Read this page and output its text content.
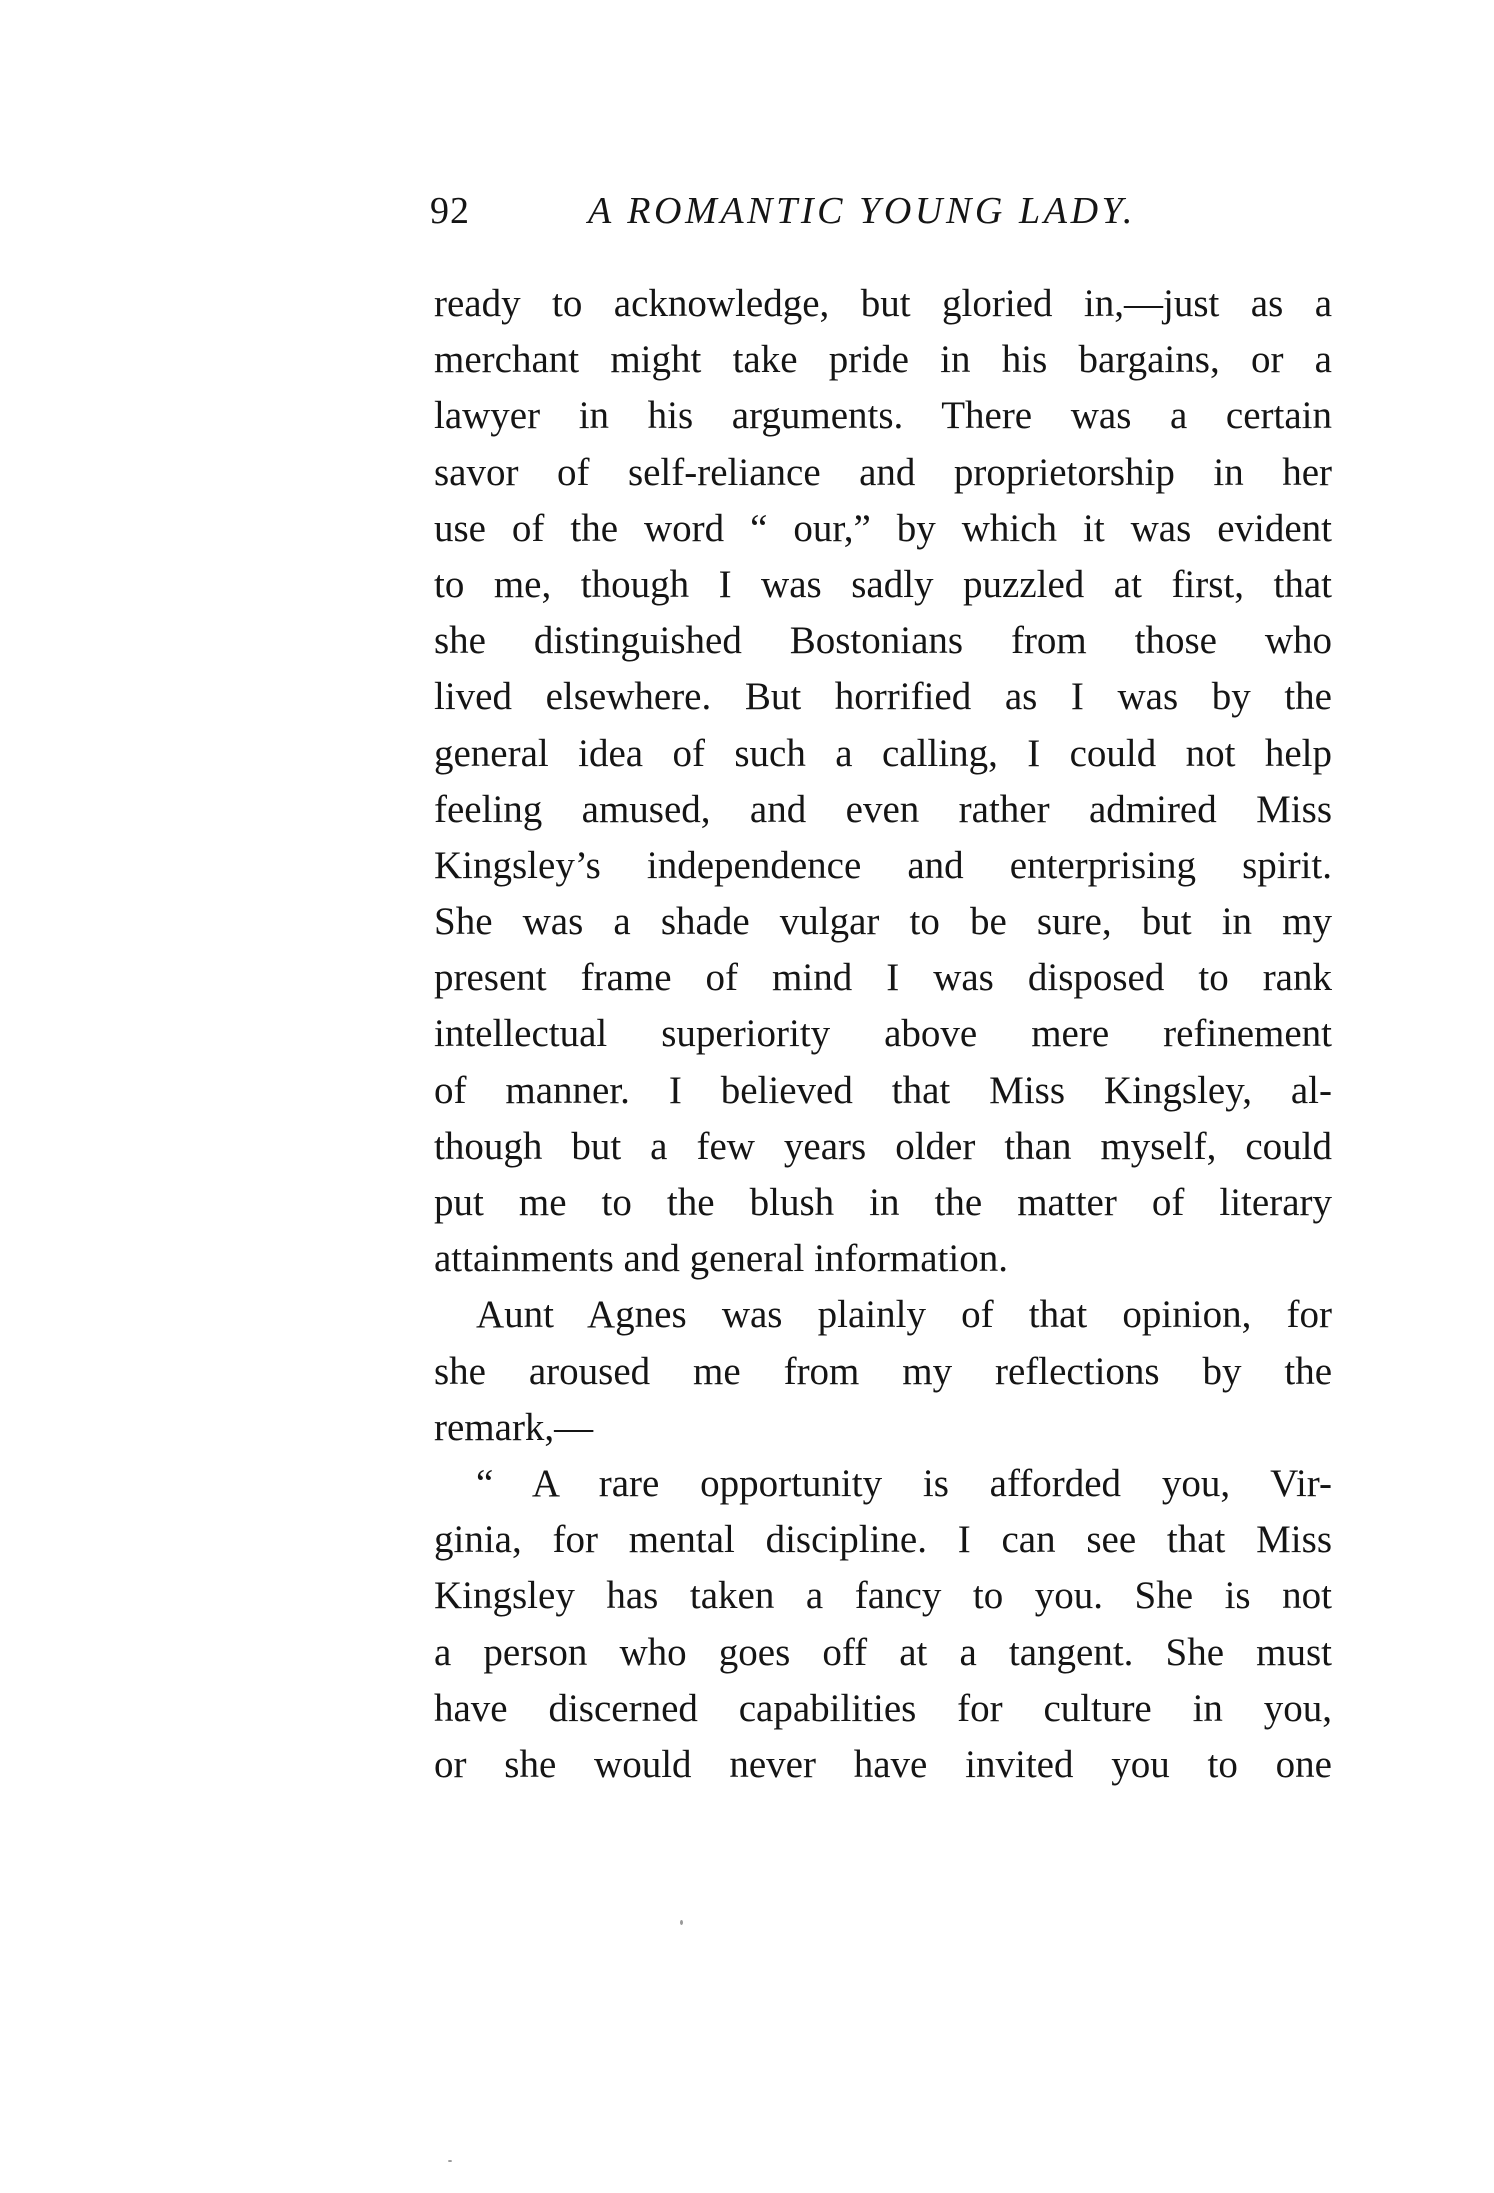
92	A ROMANTIC YOUNG LADY.
ready to acknowledge, but gloried in,—just as a
merchant might take pride in his bargains, or a
lawyer in his arguments. There was a certain
savor of self-reliance and proprietorship in her
use of the word “ our,” by which it was evident
to me, though I was sadly puzzled at first, that
she distinguished Bostonians from those who
lived elsewhere. But horrified as I was by the
general idea of such a calling, I could not help
feeling amused, and even rather admired Miss
Kingsley’s independence and enterprising spirit.
She was a shade vulgar to be sure, but in my
present frame of mind I was disposed to rank
intellectual superiority above mere refinement
of manner. I believed that Miss Kingsley, al-
though but a few years older than myself, could
put me to the blush in the matter of literary
attainments and general information.
Aunt Agnes was plainly of that opinion, for
she aroused me from my reflections by the
remark,—
“ A rare opportunity is afforded you, Vir-
ginia, for mental discipline. I can see that Miss
Kingsley has taken a fancy to you. She is not
a person who goes off at a tangent. She must
have discerned capabilities for culture in you,
or she would never have invited you to one
